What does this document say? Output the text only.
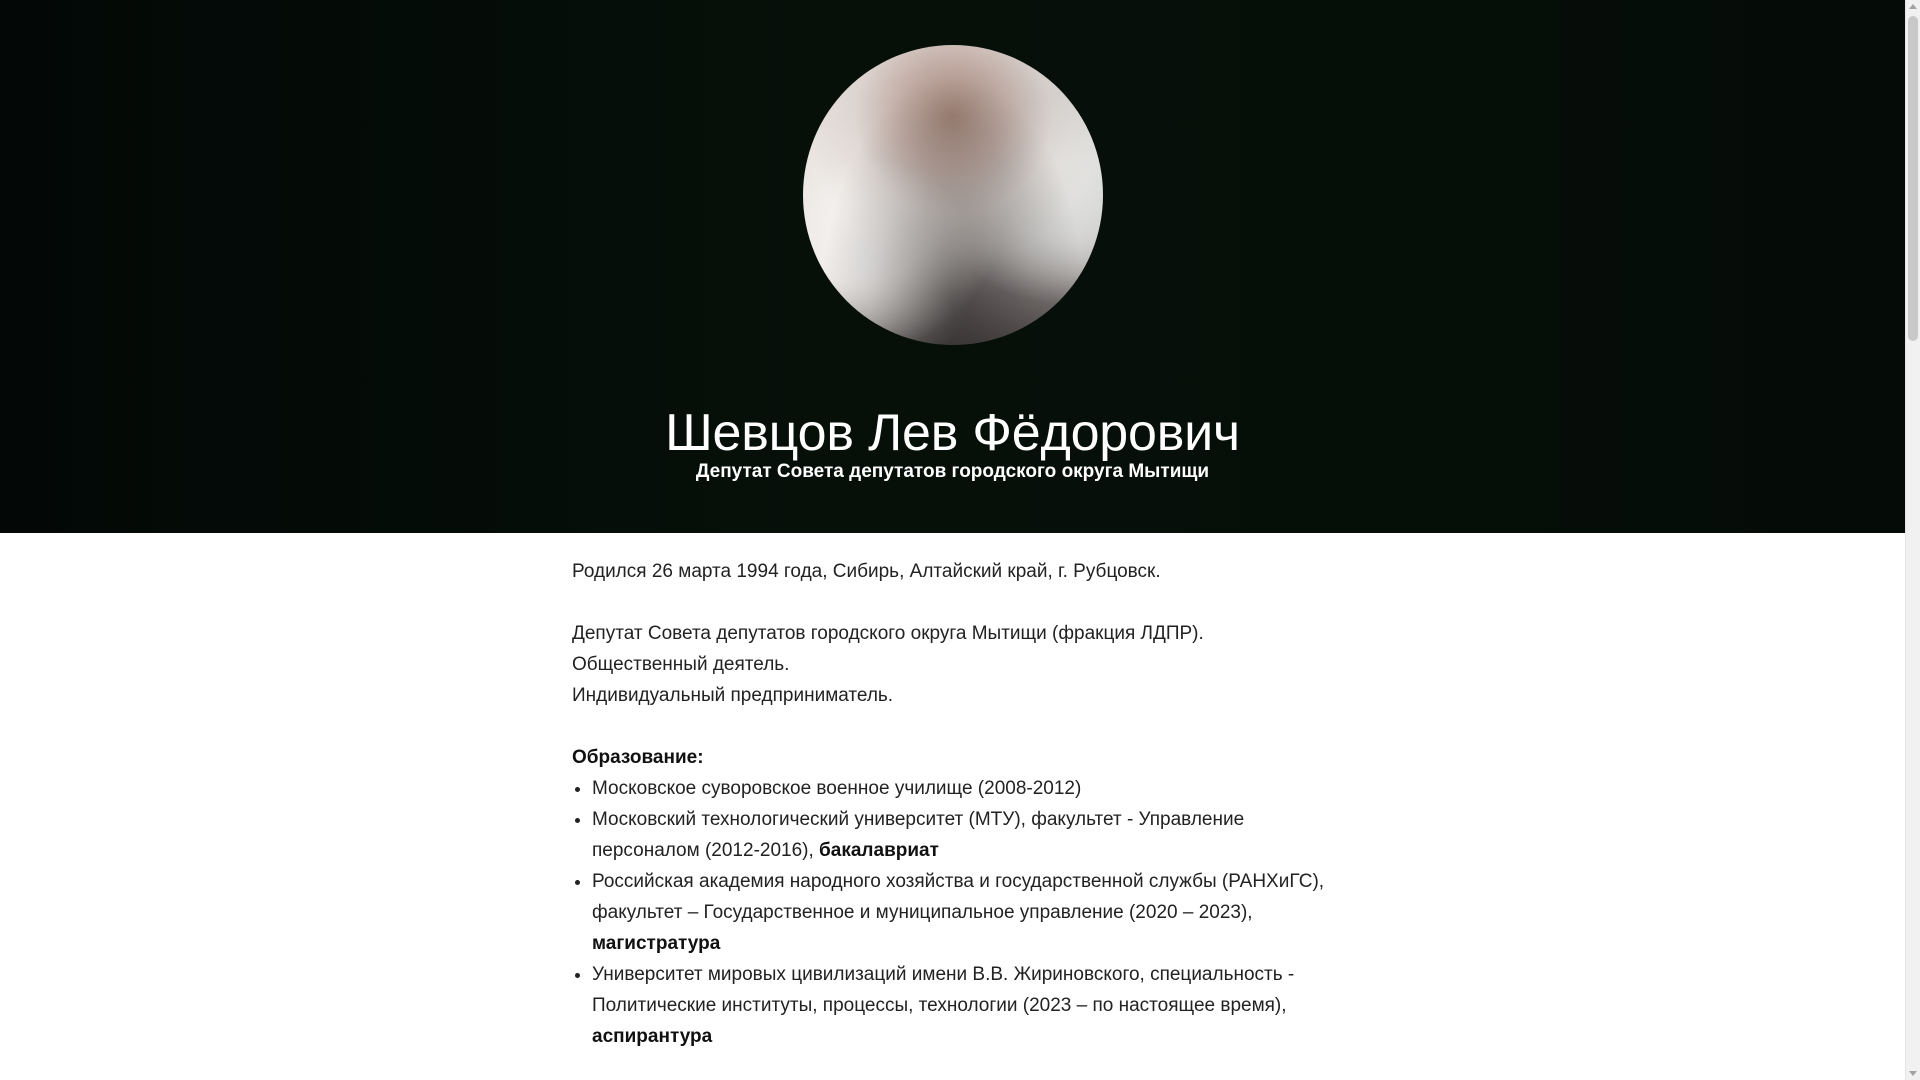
Шевцов Лев Фёдорович
Депутат Совета депутатов городского округа Мытищи

Родился 26 марта 1994 года, Сибирь, Алтайский край, г. Рубцовск.

Депутат Совета депутатов городского округа Мытищи (фракция ЛДПР).

Общественный деятель.

Индивидуальный предприниматель.

Образование:

• Московское суворовское военное училище (2008-2012)
• Московский технологический университет (МТУ), факультет - Управление персоналом (2012-2016), бакалавриат
• Российская академия народного хозяйства и государственной службы (РАНХиГС), факультет – Государственное и муниципальное управление (2020 – 2023), магистратура
• Университет мировых цивилизаций имени В.В. Жириновского, специальность - Политические институты, процессы, технологии (2023 – по настоящее время), аспирантура
